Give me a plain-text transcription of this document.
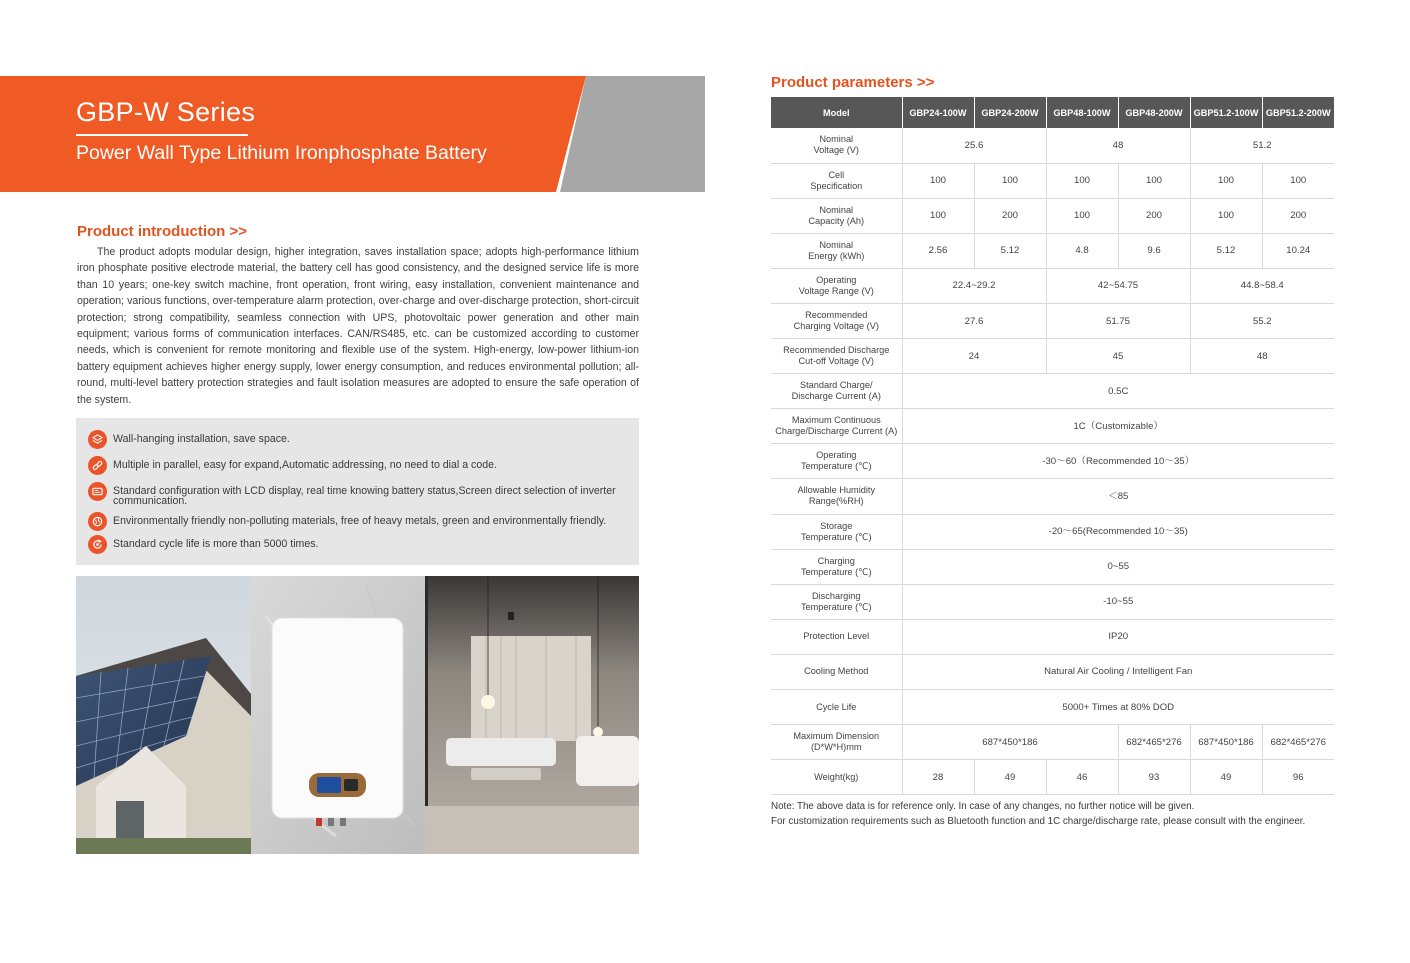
GBP-W Series
Power Wall Type Lithium Ironphosphate Battery
Product introduction >>

The product adopts modular design, higher integration, saves installation space; adopts high-performance lithium iron phosphate positive electrode material, the battery cell has good consistency, and the designed service life is more than 10 years; one-key switch machine, front operation, front wiring, easy installation, convenient maintenance and operation; various functions, over-temperature alarm protection, over-charge and over-discharge protection, short-circuit protection; strong compatibility, seamless connection with UPS, photovoltaic power generation and other main equipment; various forms of communication interfaces. CAN/RS485, etc. can be customized according to customer needs, which is convenient for remote monitoring and flexible use of the system. High-energy, low-power lithium-ion battery equipment achieves higher energy supply, lower energy consumption, and reduces environmental pollution; all-round, multi-level battery protection strategies and fault isolation measures are adopted to ensure the safe operation of the system.

Wall-hanging installation, save space.
Multiple in parallel, easy for expand,Automatic addressing, no need to dial a code.
Standard configuration with LCD display, real time knowing battery status,Screen direct selection of inverter communication.
Environmentally friendly non-polluting materials, free of heavy metals, green and environmentally friendly.
Standard cycle life is more than 5000 times.
Product parameters >>
Model	GBP24-100W	GBP24-200W	GBP48-100W	GBP48-200W	GBP51.2-100W	GBP51.2-200W
Nominal
Voltage (V)	25.6		48		51.2	
Cell
Specification	100	100	100	100	100	100
Nominal
Capacity (Ah)	100	200	100	200	100	200
Nominal
Energy (kWh)	2.56	5.12	4.8	9.6	5.12	10.24
Operating
Voltage Range (V)	22.4~29.2		42~54.75		44.8~58.4	
Recommended
Charging Voltage (V)	27.6		51.75		55.2	
Recommended Discharge
Cut-off Voltage (V)	24		45		48	
Standard Charge/
Discharge Current (A)	0.5C					
Maximum Continuous
Charge/Discharge Current (A)	1C（Customizable）					
Operating
Temperature (℃)	-30～60（Recommended 10～35）					
Allowable Humidity
Range(%RH)	＜85					
Storage
Temperature (℃)	-20～65(Recommended 10～35)					
Charging
Temperature (℃)	0~55					
Discharging
Temperature (℃)	-10~55					
Protection Level	IP20					
Cooling Method	Natural Air Cooling / Intelligent Fan					
Cycle Life	5000+ Times at 80% DOD					
Maximum Dimension
(D*W*H)mm	687*450*186			682*465*276	687*450*186	682*465*276
Weight(kg)	28	49	46	93	49	96
Note: The above data is for reference only. In case of any changes, no further notice will be given.
For customization requirements such as Bluetooth function and 1C charge/discharge rate, please consult with the engineer.
